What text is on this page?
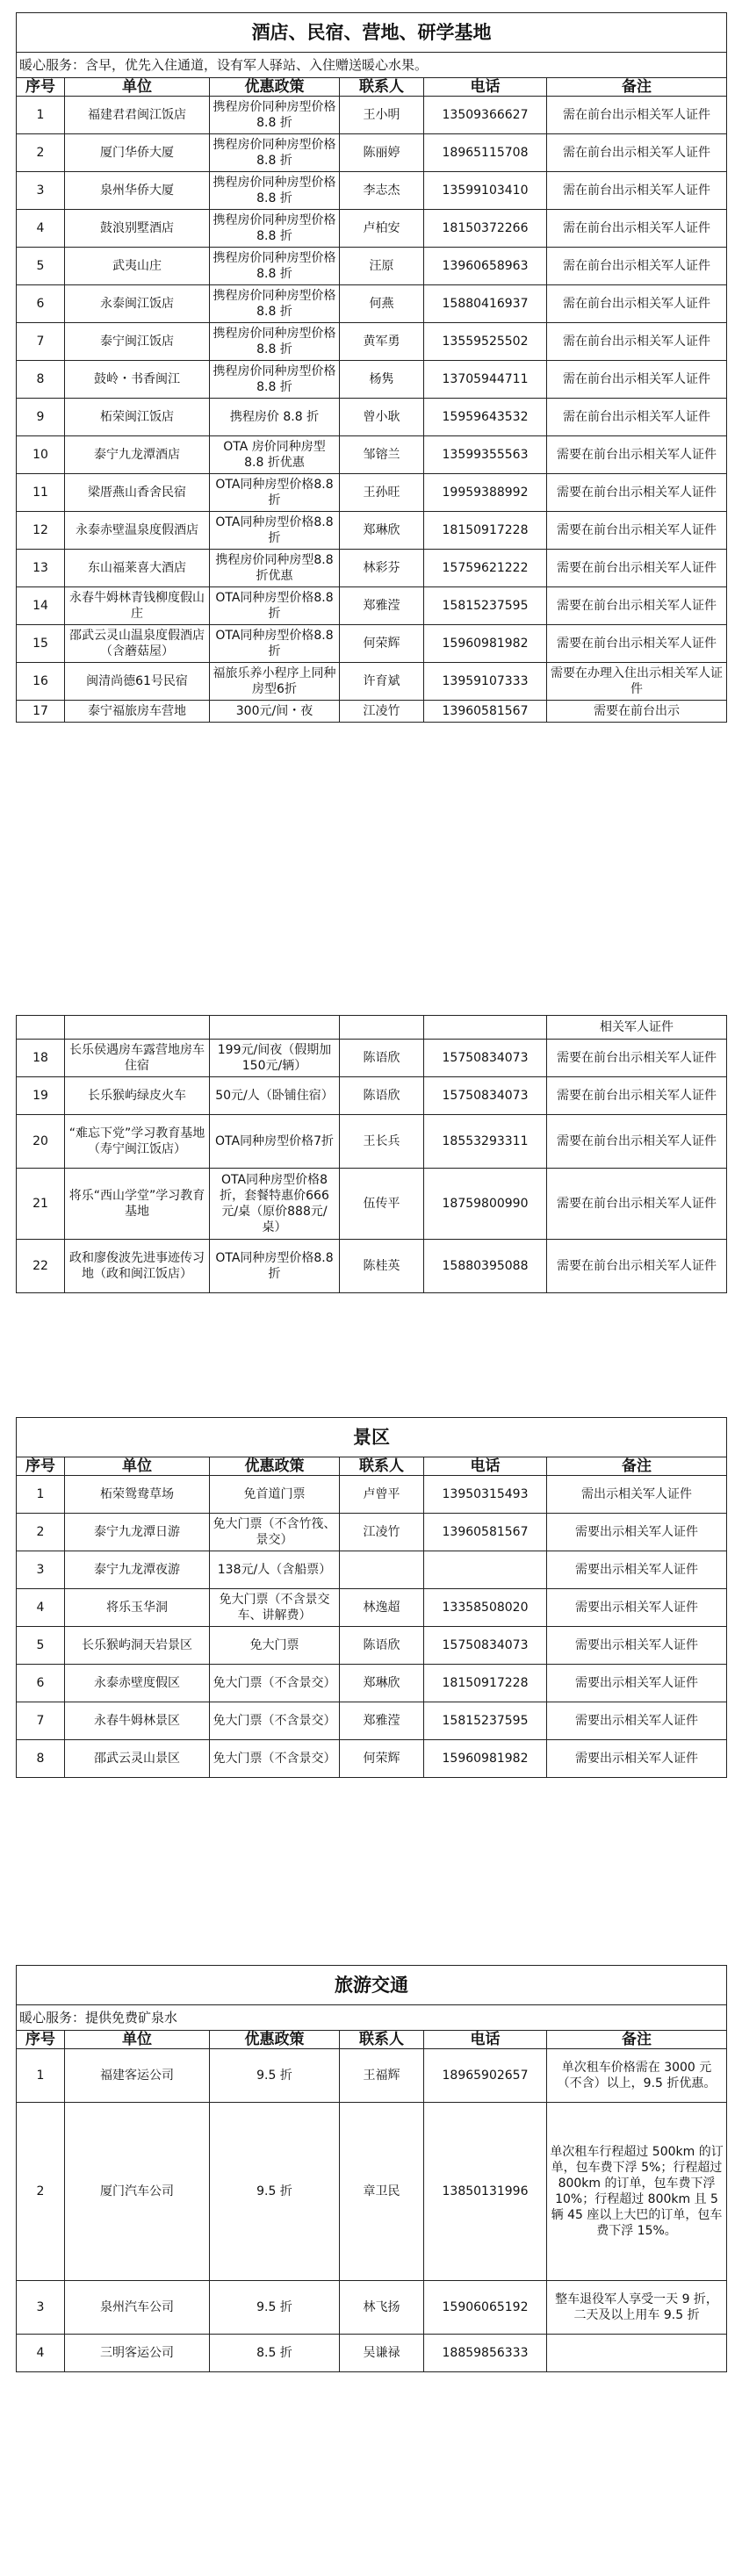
酒店、民宿、营地、研学基地					
暖心服务：含早，优先入住通道，设有军人驿站、入住赠送暖心水果。					
序号	单位	优惠政策	联系人	电话	备注
1	福建君君闽江饭店	携程房价同种房型价格 8.8 折	王小明	13509366627	需在前台出示相关军人证件
2	厦门华侨大厦	携程房价同种房型价格 8.8 折	陈丽婷	18965115708	需在前台出示相关军人证件
3	泉州华侨大厦	携程房价同种房型价格 8.8 折	李志杰	13599103410	需在前台出示相关军人证件
4	鼓浪别墅酒店	携程房价同种房型价格 8.8 折	卢柏安	18150372266	需在前台出示相关军人证件
5	武夷山庄	携程房价同种房型价格 8.8 折	汪原	13960658963	需在前台出示相关军人证件
6	永泰闽江饭店	携程房价同种房型价格 8.8 折	何燕	15880416937	需在前台出示相关军人证件
7	泰宁闽江饭店	携程房价同种房型价格 8.8 折	黄军勇	13559525502	需在前台出示相关军人证件
8	鼓岭・书香闽江	携程房价同种房型价格 8.8 折	杨隽	13705944711	需在前台出示相关军人证件
9	柘荣闽江饭店	携程房价 8.8 折	曾小耿	15959643532	需在前台出示相关军人证件
10	泰宁九龙潭酒店	OTA 房价同种房型 8.8 折优惠	邹镕兰	13599355563	需要在前台出示相关军人证件
11	梁厝燕山香舍民宿	OTA同种房型价格8.8折	王孙旺	19959388992	需要在前台出示相关军人证件
12	永泰赤壁温泉度假酒店	OTA同种房型价格8.8折	郑琳欣	18150917228	需要在前台出示相关军人证件
13	东山福莱喜大酒店	携程房价同种房型8.8折优惠	林彩芬	15759621222	需要在前台出示相关军人证件
14	永春牛姆林青钱柳度假山庄	OTA同种房型价格8.8折	郑雅滢	15815237595	需要在前台出示相关军人证件
15	邵武云灵山温泉度假酒店（含蘑菇屋）	OTA同种房型价格8.8折	何荣辉	15960981982	需要在前台出示相关军人证件
16	闽清尚德61号民宿	福旅乐养小程序上同种房型6折	许育斌	13959107333	需要在办理入住出示相关军人证件
17	泰宁福旅房车营地	300元/间・夜	江凌竹	13960581567	需要在前台出示
					相关军人证件
18	长乐侯遇房车露营地房车住宿	199元/间夜（假期加150元/辆）	陈语欣	15750834073	需要在前台出示相关军人证件
19	长乐猴屿绿皮火车	50元/人（卧铺住宿）	陈语欣	15750834073	需要在前台出示相关军人证件
20	“难忘下党”学习教育基地（寿宁闽江饭店）	OTA同种房型价格7折	王长兵	18553293311	需要在前台出示相关军人证件
21	将乐“西山学堂”学习教育基地	OTA同种房型价格8折，套餐特惠价666元/桌（原价888元/桌）	伍传平	18759800990	需要在前台出示相关军人证件
22	政和廖俊波先进事迹传习地（政和闽江饭店）	OTA同种房型价格8.8折	陈桂英	15880395088	需要在前台出示相关军人证件
景区					
序号	单位	优惠政策	联系人	电话	备注
1	柘荣鸳鸯草场	免首道门票	卢曾平	13950315493	需出示相关军人证件
2	泰宁九龙潭日游	免大门票（不含竹筏、景交）	江凌竹	13960581567	需要出示相关军人证件
3	泰宁九龙潭夜游	138元/人（含船票）			需要出示相关军人证件
4	将乐玉华洞	免大门票（不含景交车、讲解费）	林逸超	13358508020	需要出示相关军人证件
5	长乐猴屿洞天岩景区	免大门票	陈语欣	15750834073	需要出示相关军人证件
6	永泰赤壁度假区	免大门票（不含景交）	郑琳欣	18150917228	需要出示相关军人证件
7	永春牛姆林景区	免大门票（不含景交）	郑雅滢	15815237595	需要出示相关军人证件
8	邵武云灵山景区	免大门票（不含景交）	何荣辉	15960981982	需要出示相关军人证件
旅游交通					
暖心服务：提供免费矿泉水					
序号	单位	优惠政策	联系人	电话	备注
1	福建客运公司	9.5 折	王福辉	18965902657	单次租车价格需在 3000 元（不含）以上，9.5 折优惠。
2	厦门汽车公司	9.5 折	章卫民	13850131996	单次租车行程超过 500km 的订单，包车费下浮 5%；行程超过 800km 的订单，包车费下浮 10%；行程超过 800km 且 5 辆 45 座以上大巴的订单，包车费下浮 15%。
3	泉州汽车公司	9.5 折	林飞扬	15906065192	整车退役军人享受一天 9 折，二天及以上用车 9.5 折
4	三明客运公司	8.5 折	吴谦禄	18859856333	
